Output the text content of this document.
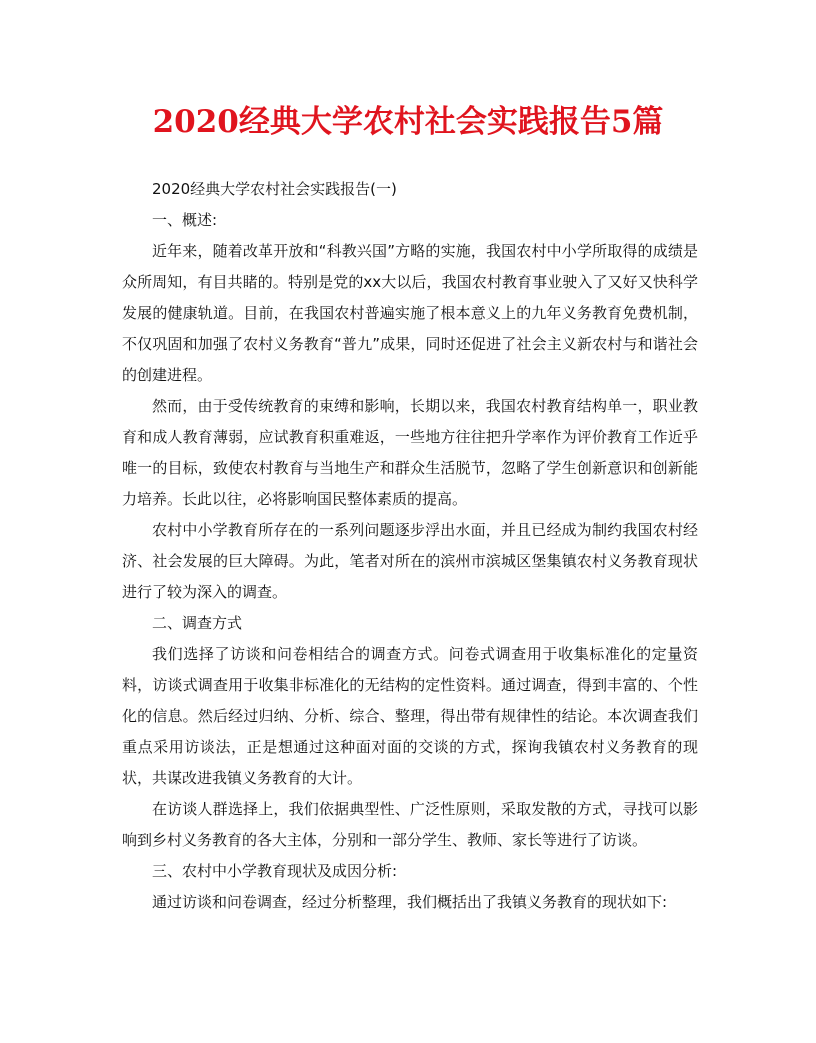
2020经典大学农村社会实践报告5篇

2020经典大学农村社会实践报告(一)

一、概述:

近年来，随着改革开放和“科教兴国”方略的实施，我国农村中小学所取得的成绩是众所周知，有目共睹的。特别是党的xx大以后，我国农村教育事业驶入了又好又快科学发展的健康轨道。目前，在我国农村普遍实施了根本意义上的九年义务教育免费机制，不仅巩固和加强了农村义务教育“普九”成果，同时还促进了社会主义新农村与和谐社会的创建进程。

然而，由于受传统教育的束缚和影响，长期以来，我国农村教育结构单一，职业教育和成人教育薄弱，应试教育积重难返，一些地方往往把升学率作为评价教育工作近乎唯一的目标，致使农村教育与当地生产和群众生活脱节，忽略了学生创新意识和创新能力培养。长此以往，必将影响国民整体素质的提高。

农村中小学教育所存在的一系列问题逐步浮出水面，并且已经成为制约我国农村经济、社会发展的巨大障碍。为此，笔者对所在的滨州市滨城区堡集镇农村义务教育现状进行了较为深入的调查。

二、调查方式

我们选择了访谈和问卷相结合的调查方式。问卷式调查用于收集标准化的定量资料，访谈式调查用于收集非标准化的无结构的定性资料。通过调查，得到丰富的、个性化的信息。然后经过归纳、分析、综合、整理，得出带有规律性的结论。本次调查我们重点采用访谈法，正是想通过这种面对面的交谈的方式，探询我镇农村义务教育的现状，共谋改进我镇义务教育的大计。

在访谈人群选择上，我们依据典型性、广泛性原则，采取发散的方式，寻找可以影响到乡村义务教育的各大主体，分别和一部分学生、教师、家长等进行了访谈。

三、农村中小学教育现状及成因分析:

通过访谈和问卷调查，经过分析整理，我们概括出了我镇义务教育的现状如下:
